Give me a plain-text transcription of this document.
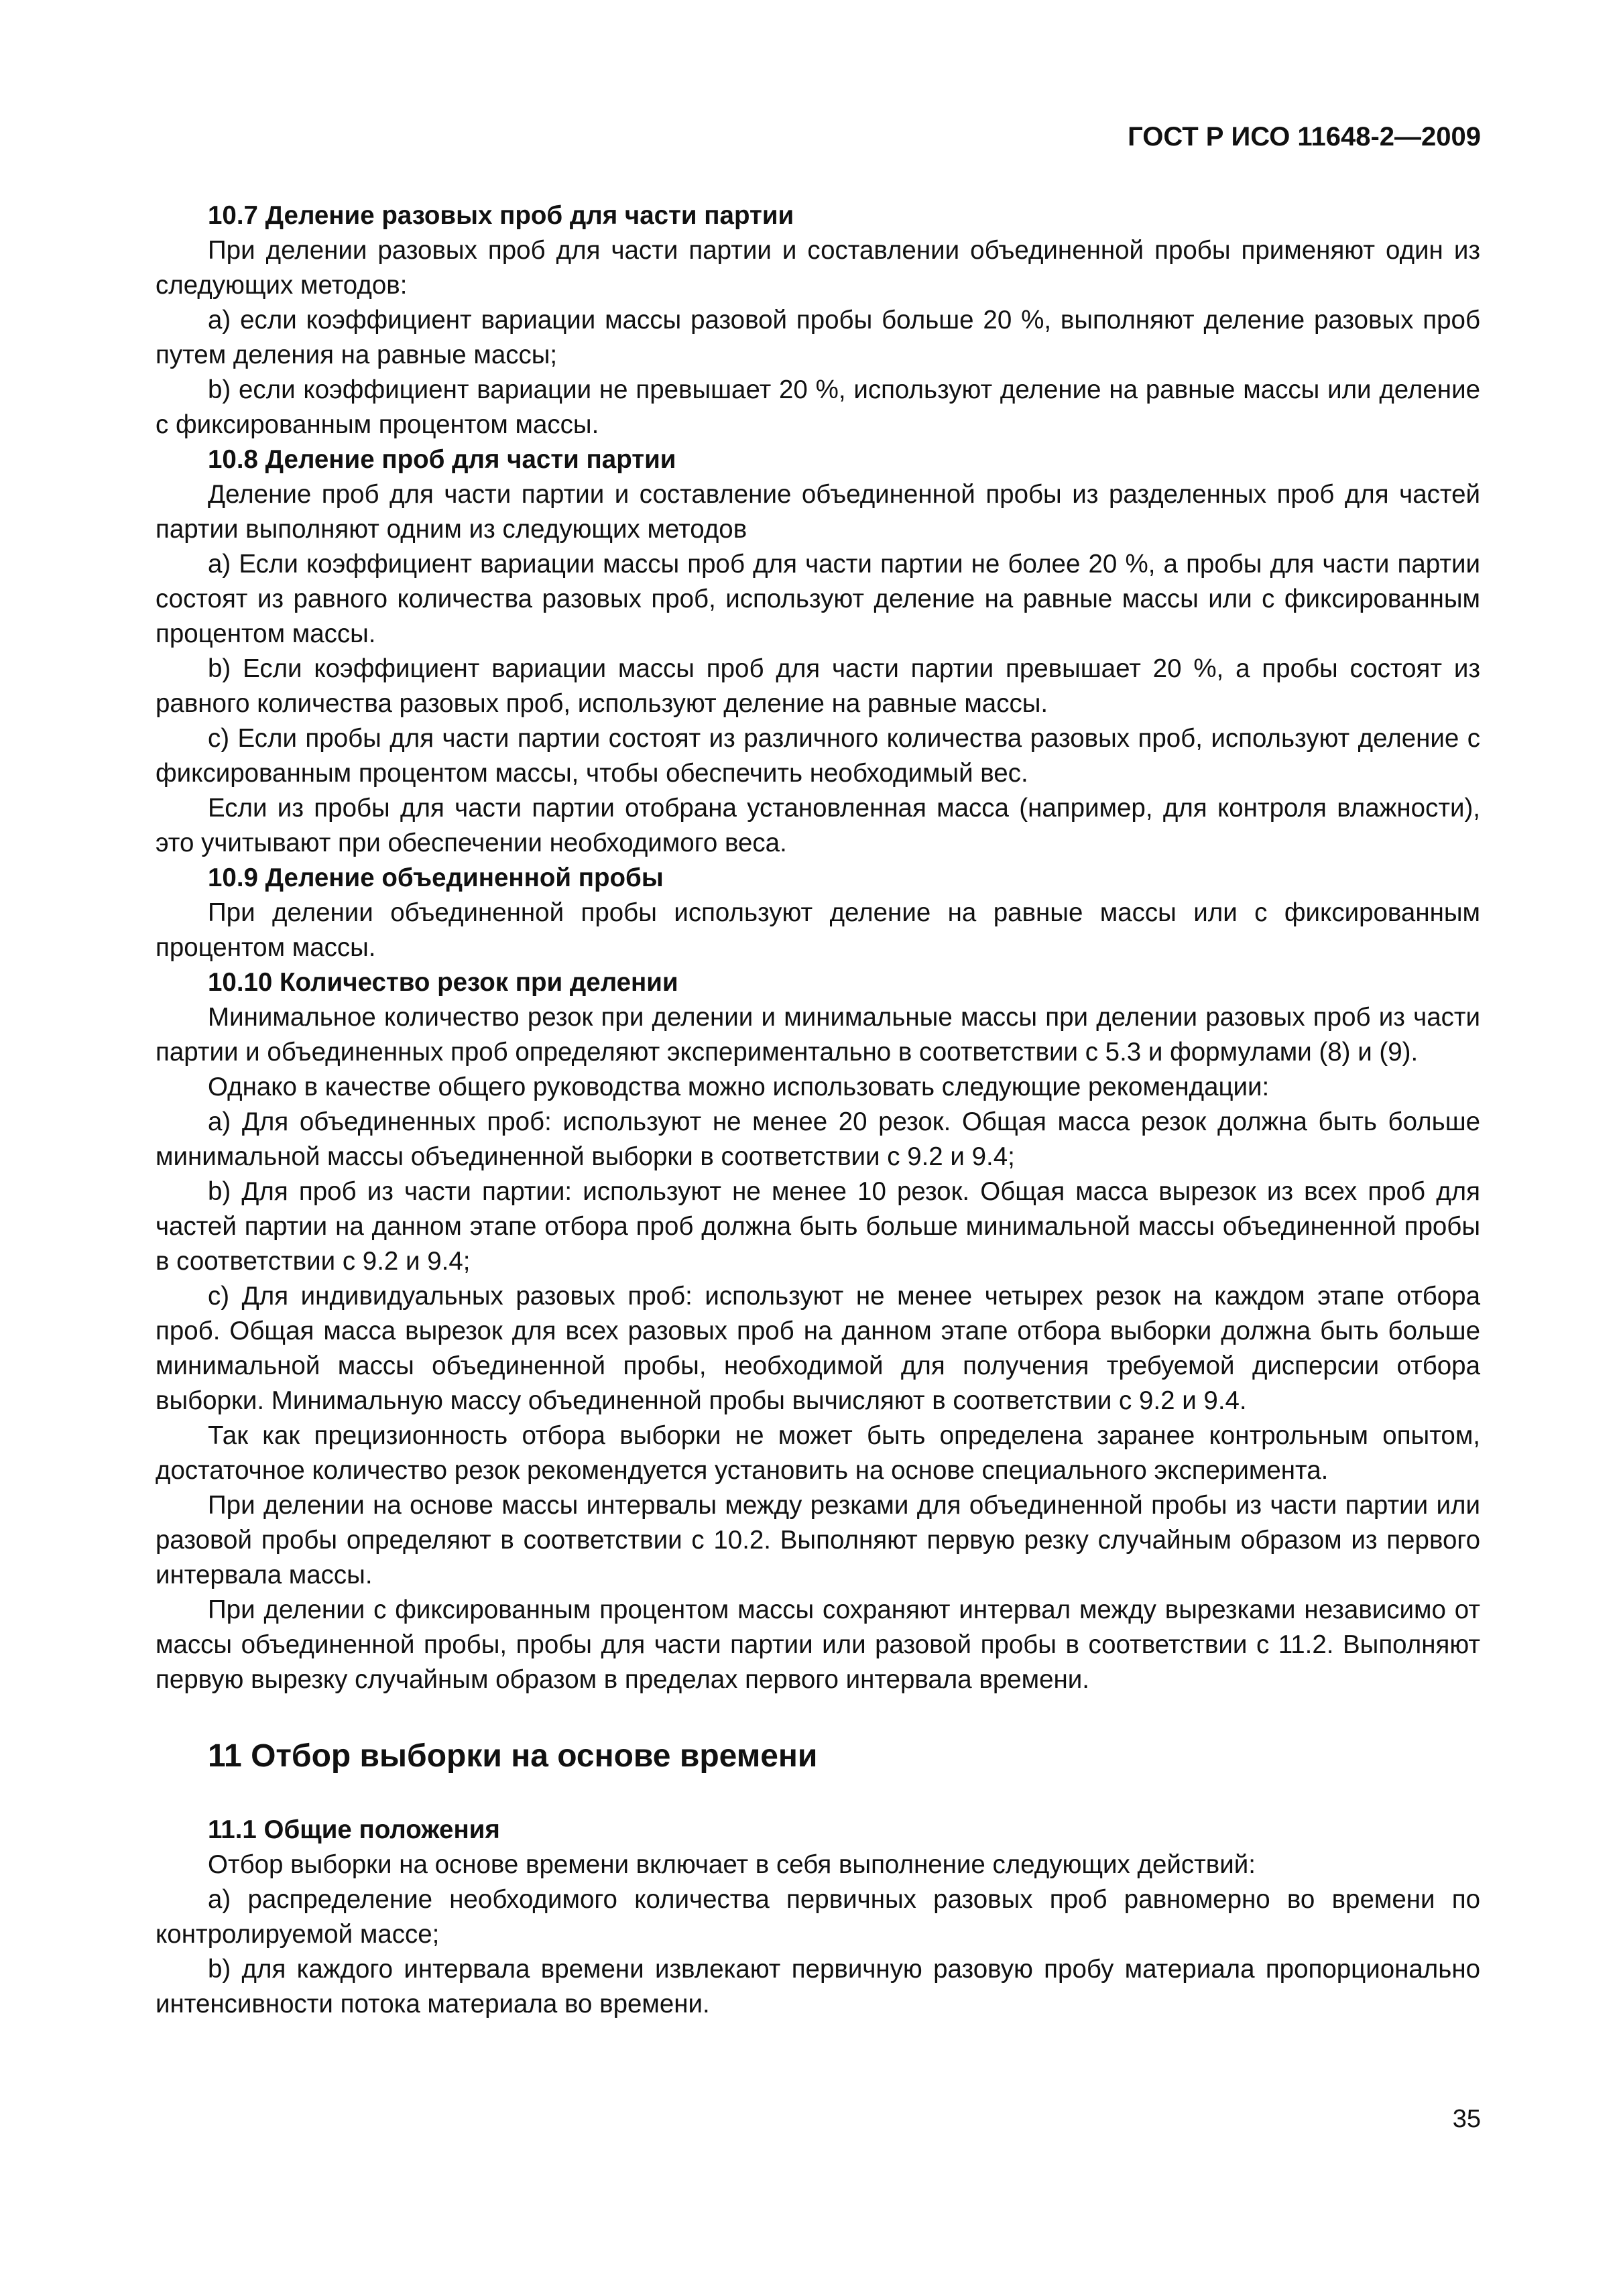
ГОСТ Р ИСО 11648-2—2009
10.7 Деление разовых проб для части партии

При делении разовых проб для части партии и составлении объединенной пробы применяют один из следующих методов:

a) если коэффициент вариации массы разовой пробы больше 20 %, выполняют деление разовых проб путем деления на равные массы;

b) если коэффициент вариации не превышает 20 %, используют деление на равные массы или деление с фиксированным процентом массы.

10.8 Деление проб для части партии

Деление проб для части партии и составление объединенной пробы из разделенных проб для частей партии выполняют одним из следующих методов

a) Если коэффициент вариации массы проб для части партии не более 20 %, а пробы для части партии состоят из равного количества разовых проб, используют деление на равные массы или с фиксированным процентом массы.

b) Если коэффициент вариации массы проб для части партии превышает 20 %, а пробы состоят из равного количества разовых проб, используют деление на равные массы.

c) Если пробы для части партии состоят из различного количества разовых проб, используют деление с фиксированным процентом массы, чтобы обеспечить необходимый вес.

Если из пробы для части партии отобрана установленная масса (например, для контроля влажности), это учитывают при обеспечении необходимого веса.

10.9 Деление объединенной пробы

При делении объединенной пробы используют деление на равные массы или с фиксированным процентом массы.

10.10 Количество резок при делении

Минимальное количество резок при делении и минимальные массы при делении разовых проб из части партии и объединенных проб определяют экспериментально в соответствии с 5.3 и формулами (8) и (9).

Однако в качестве общего руководства можно использовать следующие рекомендации:

a) Для объединенных проб: используют не менее 20 резок. Общая масса резок должна быть больше минимальной массы объединенной выборки в соответствии с 9.2 и 9.4;

b) Для проб из части партии: используют не менее 10 резок. Общая масса вырезок из всех проб для частей партии на данном этапе отбора проб должна быть больше минимальной массы объединенной пробы в соответствии с 9.2 и 9.4;

c) Для индивидуальных разовых проб: используют не менее четырех резок на каждом этапе отбора проб. Общая масса вырезок для всех разовых проб на данном этапе отбора выборки должна быть больше минимальной массы объединенной пробы, необходимой для получения требуемой дисперсии отбора выборки. Минимальную массу объединенной пробы вычисляют в соответствии с 9.2 и 9.4.

Так как прецизионность отбора выборки не может быть определена заранее контрольным опытом, достаточное количество резок рекомендуется установить на основе специального эксперимента.

При делении на основе массы интервалы между резками для объединенной пробы из части партии или разовой пробы определяют в соответствии с 10.2. Выполняют первую резку случайным образом из первого интервала массы.

При делении с фиксированным процентом массы сохраняют интервал между вырезками независимо от массы объединенной пробы, пробы для части партии или разовой пробы в соответствии с 11.2. Выполняют первую вырезку случайным образом в пределах первого интервала времени.

11 Отбор выборки на основе времени
11.1 Общие положения

Отбор выборки на основе времени включает в себя выполнение следующих действий:

a) распределение необходимого количества первичных разовых проб равномерно во времени по контролируемой массе;

b) для каждого интервала времени извлекают первичную разовую пробу материала пропорционально интенсивности потока материала во времени.

35
